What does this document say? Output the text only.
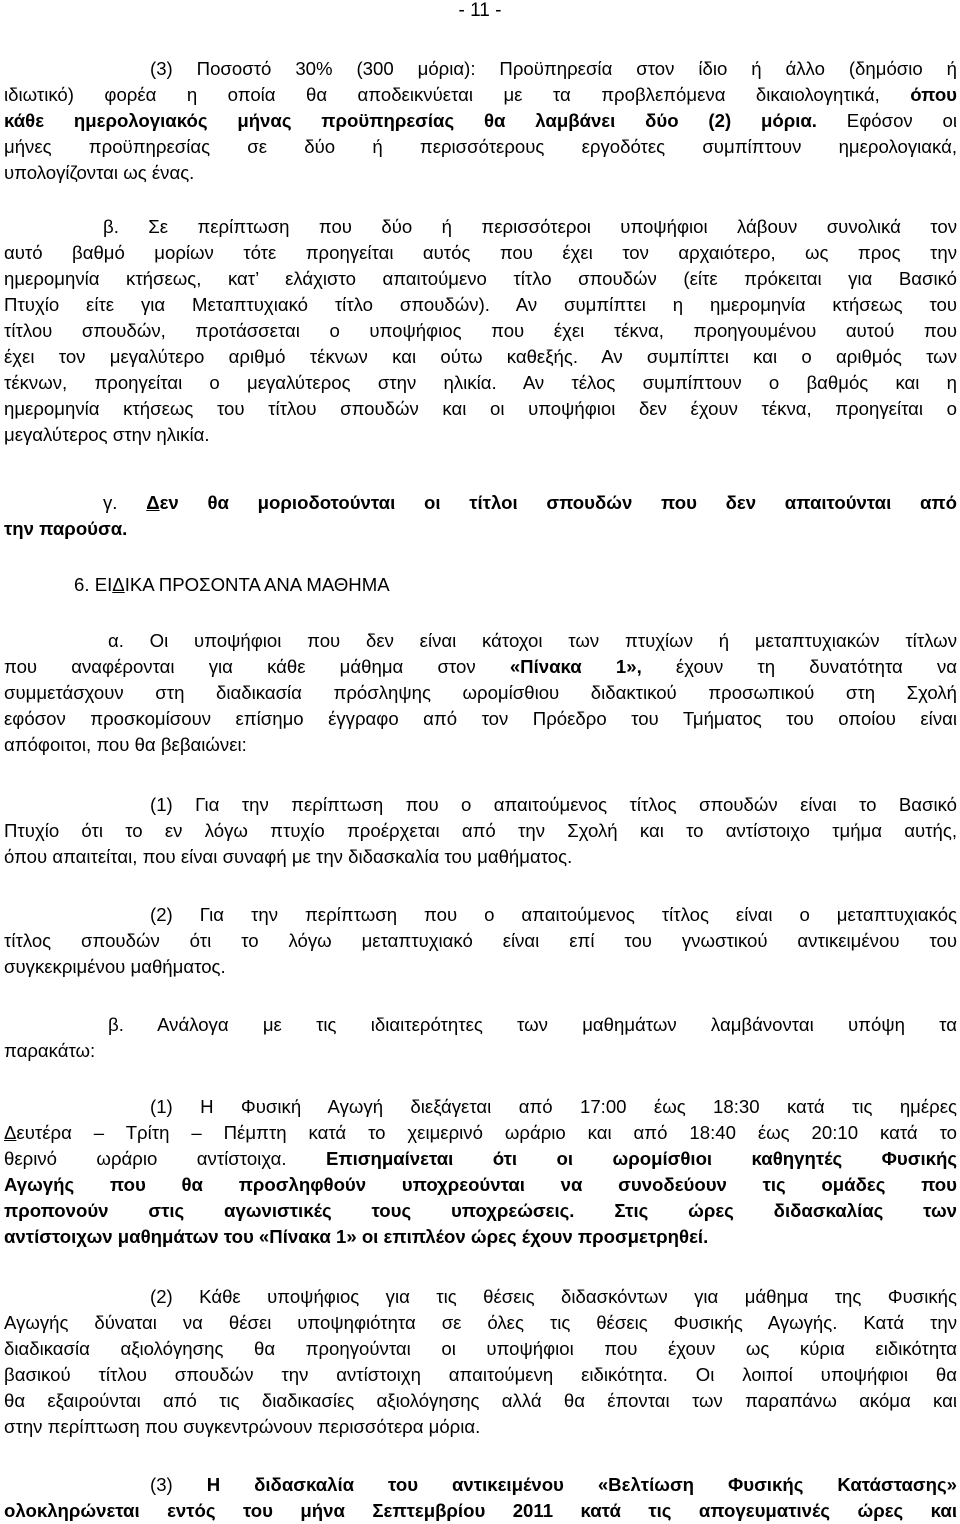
- 11 -
(3) Ποσοστό 30% (300 μόρια): Προϋπηρεσία στον ίδιο ή άλλο (δημόσιο ή
ιδιωτικό) φορέα η οποία θα αποδεικνύεται με τα προβλεπόμενα δικαιολογητικά, όπου
κάθε ημερολογιακός μήνας προϋπηρεσίας θα λαμβάνει δύο (2) μόρια. Εφόσον οι
μήνες προϋπηρεσίας σε δύο ή περισσότερους εργοδότες συμπίπτουν ημερολογιακά,
υπολογίζονται ως ένας.
β. Σε περίπτωση που δύο ή περισσότεροι υποψήφιοι λάβουν συνολικά τον
αυτό βαθμό μορίων τότε προηγείται αυτός που έχει τον αρχαιότερο, ως προς την
ημερομηνία κτήσεως, κατ’ ελάχιστο απαιτούμενο τίτλο σπουδών (είτε πρόκειται για Βασικό
Πτυχίο είτε για Μεταπτυχιακό τίτλο σπουδών). Αν συμπίπτει η ημερομηνία κτήσεως του
τίτλου σπουδών, προτάσσεται ο υποψήφιος που έχει τέκνα, προηγουμένου αυτού που
έχει τον μεγαλύτερο αριθμό τέκνων και ούτω καθεξής. Αν συμπίπτει και ο αριθμός των
τέκνων, προηγείται ο μεγαλύτερος στην ηλικία. Αν τέλος συμπίπτουν ο βαθμός και η
ημερομηνία κτήσεως του τίτλου σπουδών και οι υποψήφιοι δεν έχουν τέκνα, προηγείται ο
μεγαλύτερος στην ηλικία.
γ. Δεν θα μοριοδοτούνται οι τίτλοι σπουδών που δεν απαιτούνται από
την παρούσα.
6. ΕΙΔΙΚΑ ΠΡΟΣΟΝΤΑ ΑΝΑ ΜΑΘΗΜΑ
α. Οι υποψήφιοι που δεν είναι κάτοχοι των πτυχίων ή μεταπτυχιακών τίτλων
που αναφέρονται για κάθε μάθημα στον «Πίνακα 1», έχουν τη δυνατότητα να
συμμετάσχουν στη διαδικασία πρόσληψης ωρομίσθιου διδακτικού προσωπικού στη Σχολή
εφόσον προσκομίσουν επίσημο έγγραφο από τον Πρόεδρο του Τμήματος του οποίου είναι
απόφοιτοι, που θα βεβαιώνει:
(1) Για την περίπτωση που ο απαιτούμενος τίτλος σπουδών είναι το Βασικό
Πτυχίο ότι το εν λόγω πτυχίο προέρχεται από την Σχολή και το αντίστοιχο τμήμα αυτής,
όπου απαιτείται, που είναι συναφή με την διδασκαλία του μαθήματος.
(2) Για την περίπτωση που ο απαιτούμενος τίτλος είναι ο μεταπτυχιακός
τίτλος σπουδών ότι το λόγω μεταπτυχιακό είναι επί του γνωστικού αντικειμένου του
συγκεκριμένου μαθήματος.
β. Ανάλογα με τις ιδιαιτερότητες των μαθημάτων λαμβάνονται υπόψη τα
παρακάτω:
(1) Η Φυσική Αγωγή διεξάγεται από 17:00 έως 18:30 κατά τις ημέρες
Δευτέρα – Τρίτη – Πέμπτη κατά το χειμερινό ωράριο και από 18:40 έως 20:10 κατά το
θερινό ωράριο αντίστοιχα. Επισημαίνεται ότι οι ωρομίσθιοι καθηγητές Φυσικής
Αγωγής που θα προσληφθούν υποχρεούνται να συνοδεύουν τις ομάδες που
προπονούν στις αγωνιστικές τους υποχρεώσεις. Στις ώρες διδασκαλίας των
αντίστοιχων μαθημάτων του «Πίνακα 1» οι επιπλέον ώρες έχουν προσμετρηθεί.
(2) Κάθε υποψήφιος για τις θέσεις διδασκόντων για μάθημα της Φυσικής
Αγωγής δύναται να θέσει υποψηφιότητα σε όλες τις θέσεις Φυσικής Αγωγής. Κατά την
διαδικασία αξιολόγησης θα προηγούνται οι υποψήφιοι που έχουν ως κύρια ειδικότητα
βασικού τίτλου σπουδών την αντίστοιχη απαιτούμενη ειδικότητα. Οι λοιποί υποψήφιοι θα
θα εξαιρούνται από τις διαδικασίες αξιολόγησης αλλά θα έπονται των παραπάνω ακόμα και
στην περίπτωση που συγκεντρώνουν περισσότερα μόρια.
(3) Η διδασκαλία του αντικειμένου «Βελτίωση Φυσικής Κατάστασης»
ολοκληρώνεται εντός του μήνα Σεπτεμβρίου 2011 κατά τις απογευματινές ώρες και
